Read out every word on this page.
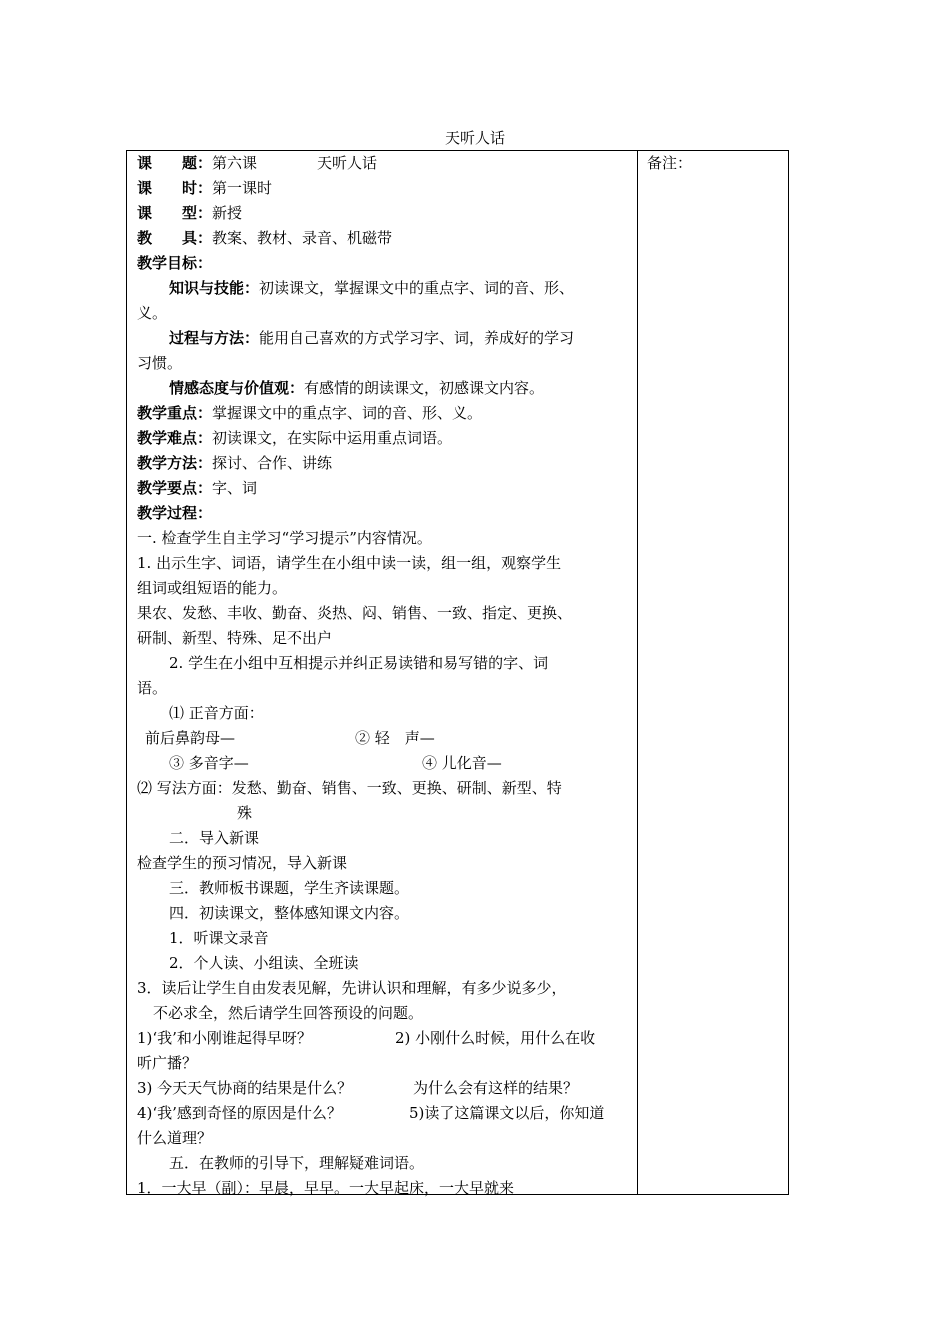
天听人话
备注：
课　　题：第六课	天听人话
课　　时：第一课时
课　　型：新授
教　　具：教案、教材、录音、机磁带
教学目标：
知识与技能：初读课文，掌握课文中的重点字、词的音、形、
义。
过程与方法：能用自己喜欢的方式学习字、词，养成好的学习
习惯。
情感态度与价值观：有感情的朗读课文，初感课文内容。
教学重点：掌握课文中的重点字、词的音、形、义。
教学难点：初读课文，在实际中运用重点词语。
教学方法：探讨、合作、讲练
教学要点：字、词
教学过程：
一. 检查学生自主学习“学习提示”内容情况。
1. 出示生字、词语，请学生在小组中读一读，组一组，观察学生
组词或组短语的能力。
果农、发愁、丰收、勤奋、炎热、闷、销售、一致、指定、更换、
研制、新型、特殊、足不出户
2. 学生在小组中互相提示并纠正易读错和易写错的字、词
语。
⑴ 正音方面：
前后鼻韵母—	② 轻　声—
③ 多音字—	④ 儿化音—
⑵ 写法方面：发愁、勤奋、销售、一致、更换、研制、新型、特
殊
二．导入新课
检查学生的预习情况，导入新课
三．教师板书课题，学生齐读课题。
四．初读课文，整体感知课文内容。
1．听课文录音
2．个人读、小组读、全班读
3．读后让学生自由发表见解，先讲认识和理解，有多少说多少，
不必求全，然后请学生回答预设的问题。
1)‘我’和小刚谁起得早呀？	2) 小刚什么时候，用什么在收
听广播？
3) 今天天气协商的结果是什么？	为什么会有这样的结果？
4)‘我’感到奇怪的原因是什么？	5)读了这篇课文以后，你知道
什么道理？
五．在教师的引导下，理解疑难词语。
1．一大早（副）：早晨，早早。一大早起床，一大早就来
